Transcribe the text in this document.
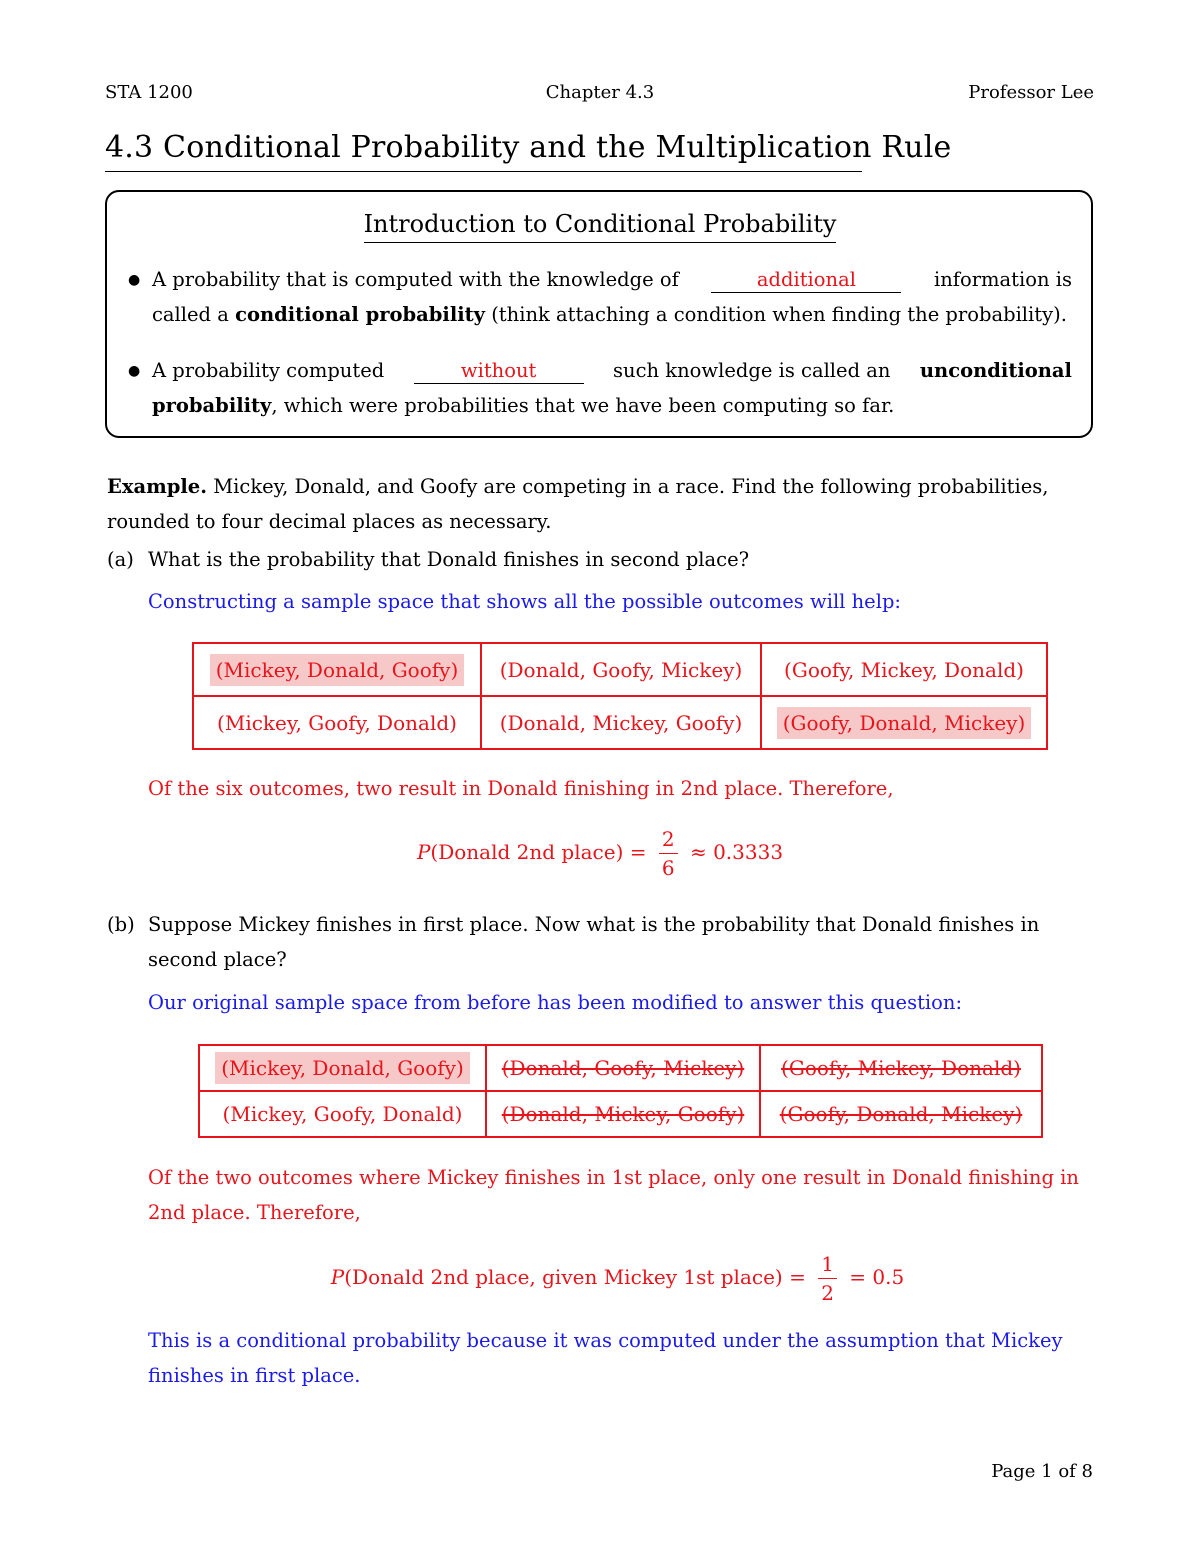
STA 1200	Chapter 4.3	Professor Lee
4.3 Conditional Probability and the Multiplication Rule
Introduction to Conditional Probability
● A probability that is computed with the knowledge of	additional	information is
called a conditional probability (think attaching a condition when finding the probability).
● A probability computed	without	such knowledge is called an unconditional
probability, which were probabilities that we have been computing so far.
Example. Mickey, Donald, and Goofy are competing in a race. Find the following probabilities,
rounded to four decimal places as necessary.
(a) What is the probability that Donald finishes in second place?
Constructing a sample space that shows all the possible outcomes will help:
(Mickey, Donald, Goofy)	(Donald, Goofy, Mickey)	(Goofy, Mickey, Donald)
(Mickey, Goofy, Donald)	(Donald, Mickey, Goofy)	(Goofy, Donald, Mickey)
Of the six outcomes, two result in Donald finishing in 2nd place. Therefore,
P(Donald 2nd place) = $\frac{2}{6} \approx 0.3333$
(b) Suppose Mickey finishes in first place. Now what is the probability that Donald finishes in
second place?
Our original sample space from before has been modified to answer this question:
(Mickey, Donald, Goofy)	(Donald, Goofy, Mickey)	(Goofy, Mickey, Donald)
(Mickey, Goofy, Donald)	(Donald, Mickey, Goofy)	(Goofy, Donald, Mickey)
Of the two outcomes where Mickey finishes in 1st place, only one result in Donald finishing in
2nd place. Therefore,
P(Donald 2nd place, given Mickey 1st place) = $\frac{1}{2} = 0.5$
This is a conditional probability because it was computed under the assumption that Mickey
finishes in first place.
Page 1 of 8
